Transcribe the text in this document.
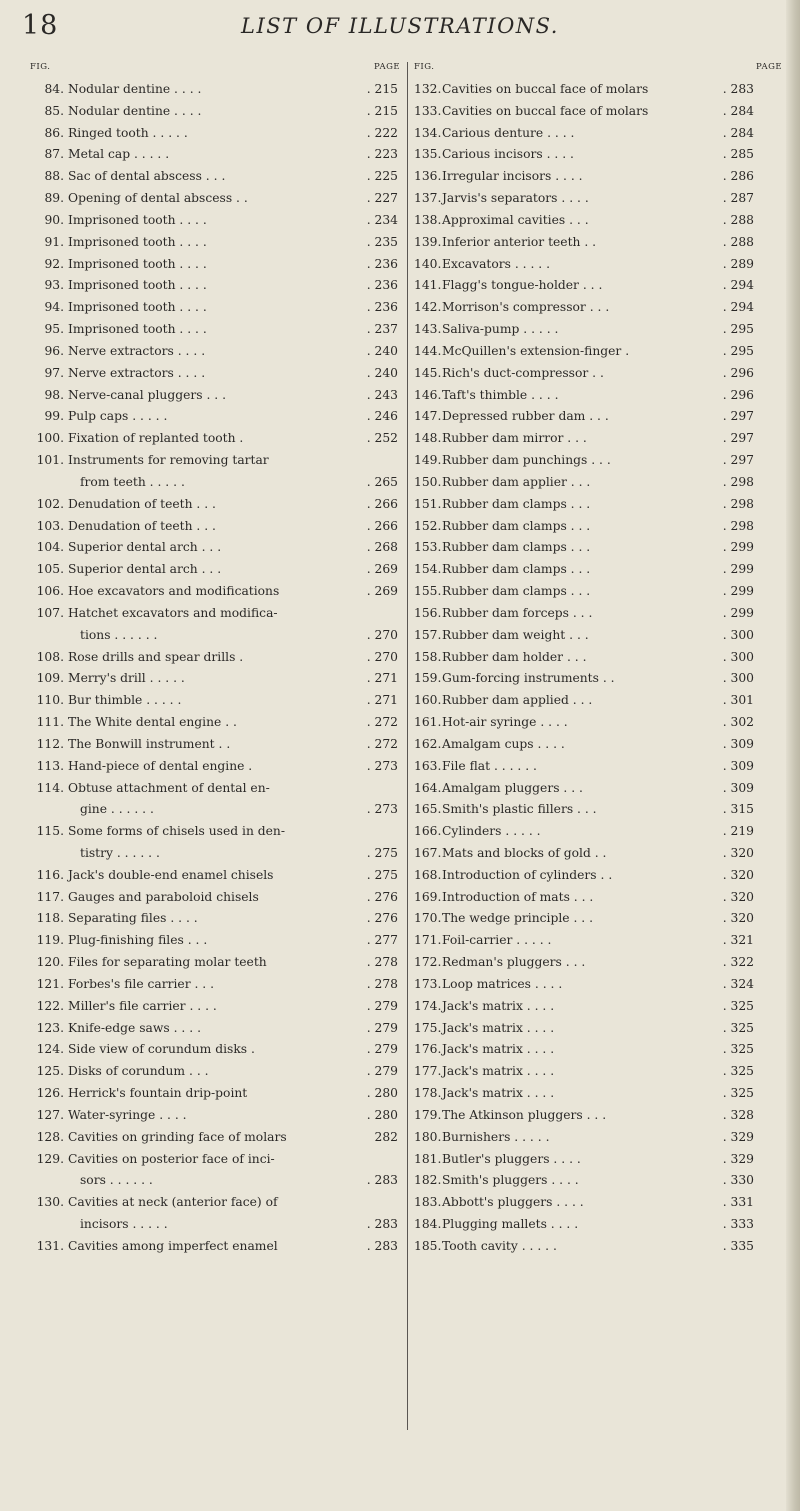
18	LIST OF ILLUSTRATIONS.
FIG.	PAGE FIG.	PAGE
84. Nodular dentine . . . .	. 215
85. Nodular dentine . . . .	. 215
86. Ringed tooth . . . . .	. 222
87. Metal cap . . . . .	. 223
88. Sac of dental abscess . . .	. 225
89. Opening of dental abscess . .	. 227
90. Imprisoned tooth . . . .	. 234
91. Imprisoned tooth . . . .	. 235
92. Imprisoned tooth . . . .	. 236
93. Imprisoned tooth . . . .	. 236
94. Imprisoned tooth . . . .	. 236
95. Imprisoned tooth . . . .	. 237
96. Nerve extractors . . . .	. 240
97. Nerve extractors . . . .	. 240
98. Nerve-canal pluggers . . .	. 243
99. Pulp caps . . . . .	. 246
100. Fixation of replanted tooth .	. 252
101. Instruments for removing tartar
from teeth . . . . .	. 265
102. Denudation of teeth . . .	. 266
103. Denudation of teeth . . .	. 266
104. Superior dental arch . . .	. 268
105. Superior dental arch . . .	. 269
106. Hoe excavators and modifications	. 269
107. Hatchet excavators and modifica-
tions . . . . . .	. 270
108. Rose drills and spear drills .	. 270
109. Merry's drill . . . . .	. 271
110. Bur thimble . . . . .	. 271
111. The White dental engine . .	. 272
112. The Bonwill instrument . .	. 272
113. Hand-piece of dental engine .	. 273
114. Obtuse attachment of dental en-
gine . . . . . .	. 273
115. Some forms of chisels used in den-
tistry . . . . . .	. 275
116. Jack's double-end enamel chisels	. 275
117. Gauges and paraboloid chisels	. 276
118. Separating files . . . .	. 276
119. Plug-finishing files . . .	. 277
120. Files for separating molar teeth	. 278
121. Forbes's file carrier . . .	. 278
122. Miller's file carrier . . . .	. 279
123. Knife-edge saws . . . .	. 279
124. Side view of corundum disks .	. 279
125. Disks of corundum . . .	. 279
126. Herrick's fountain drip-point	. 280
127. Water-syringe . . . .	. 280
128. Cavities on grinding face of molars	282
129. Cavities on posterior face of inci-
sors . . . . . .	. 283
130. Cavities at neck (anterior face) of
incisors . . . . .	. 283
131. Cavities among imperfect enamel	. 283
132. Cavities on buccal face of molars	. 283
133. Cavities on buccal face of molars	. 284
134. Carious denture . . . .	. 284
135. Carious incisors . . . .	. 285
136. Irregular incisors . . . .	. 286
137. Jarvis's separators . . . .	. 287
138. Approximal cavities . . .	. 288
139. Inferior anterior teeth . .	. 288
140. Excavators . . . . .	. 289
141. Flagg's tongue-holder . . .	. 294
142. Morrison's compressor . . .	. 294
143. Saliva-pump . . . . .	. 295
144. McQuillen's extension-finger .	. 295
145. Rich's duct-compressor . .	. 296
146. Taft's thimble . . . .	. 296
147. Depressed rubber dam . . .	. 297
148. Rubber dam mirror . . .	. 297
149. Rubber dam punchings . . .	. 297
150. Rubber dam applier . . .	. 298
151. Rubber dam clamps . . .	. 298
152. Rubber dam clamps . . .	. 298
153. Rubber dam clamps . . .	. 299
154. Rubber dam clamps . . .	. 299
155. Rubber dam clamps . . .	. 299
156. Rubber dam forceps . . .	. 299
157. Rubber dam weight . . .	. 300
158. Rubber dam holder . . .	. 300
159. Gum-forcing instruments . .	. 300
160. Rubber dam applied . . .	. 301
161. Hot-air syringe . . . .	. 302
162. Amalgam cups . . . .	. 309
163. File flat . . . . . .	. 309
164. Amalgam pluggers . . .	. 309
165. Smith's plastic fillers . . .	. 315
166. Cylinders . . . . .	. 219
167. Mats and blocks of gold . .	. 320
168. Introduction of cylinders . .	. 320
169. Introduction of mats . . .	. 320
170. The wedge principle . . .	. 320
171. Foil-carrier . . . . .	. 321
172. Redman's pluggers . . .	. 322
173. Loop matrices . . . .	. 324
174. Jack's matrix . . . .	. 325
175. Jack's matrix . . . .	. 325
176. Jack's matrix . . . .	. 325
177. Jack's matrix . . . .	. 325
178. Jack's matrix . . . .	. 325
179. The Atkinson pluggers . . .	. 328
180. Burnishers . . . . .	. 329
181. Butler's pluggers . . . .	. 329
182. Smith's pluggers . . . .	. 330
183. Abbott's pluggers . . . .	. 331
184. Plugging mallets . . . .	. 333
185. Tooth cavity . . . . .	. 335
